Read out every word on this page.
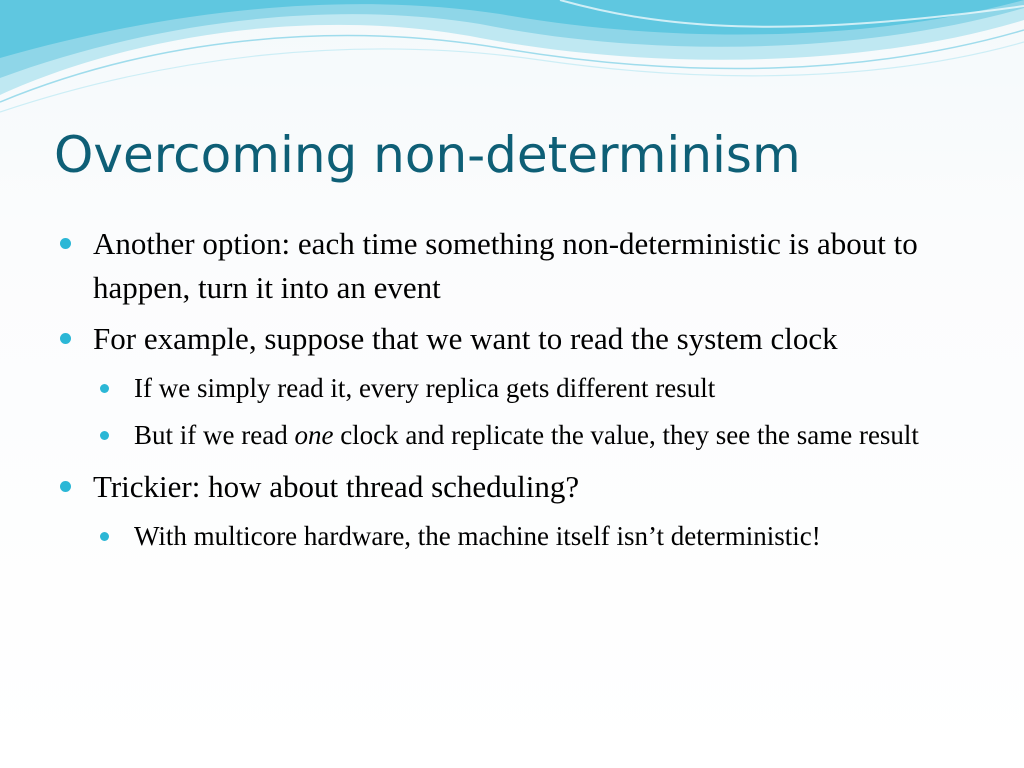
Overcoming non-determinism

Another option: each time something non-deterministic is about to happen, turn it into an event

For example, suppose that we want to read the system clock

If we simply read it, every replica gets different result

But if we read one clock and replicate the value, they see the same result

Trickier: how about thread scheduling?

With multicore hardware, the machine itself isn’t deterministic!
